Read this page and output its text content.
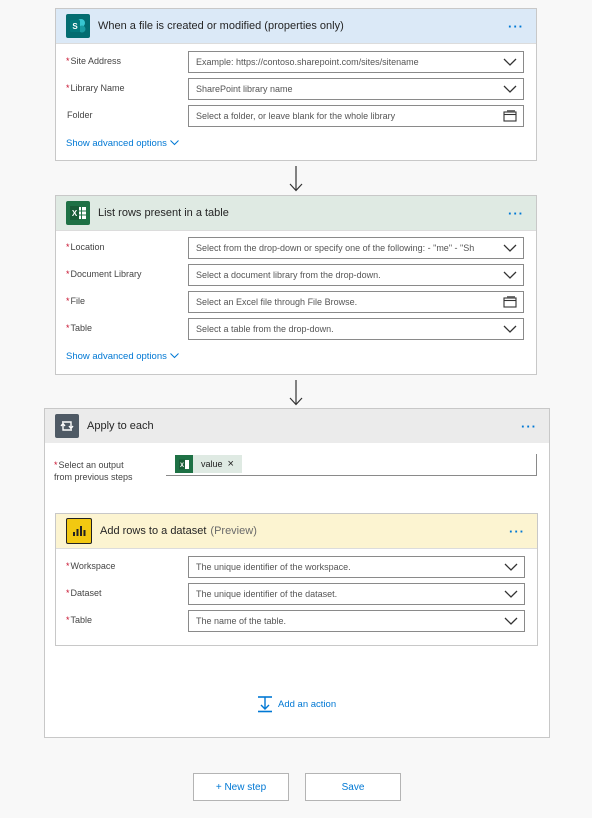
S When a file is created or modified (properties only)	···
*Site Address	Example: https://contoso.sharepoint.com/sites/sitename
*Library Name	SharePoint library name
Folder	Select a folder, or leave blank for the whole library
Show advanced options
X List rows present in a table	···
*Location	Select from the drop-down or specify one of the following: - "me" - "Sh
*Document Library	Select a document library from the drop-down.
*File	Select an Excel file through File Browse.
*Table	Select a table from the drop-down.
Show advanced options
Apply to each	···
*Select an output
from previous steps
X value ×
Add rows to a dataset (Preview)	···
*Workspace	The unique identifier of the workspace.
*Dataset	The unique identifier of the dataset.
*Table	The name of the table.
Add an action
+ New step	Save
